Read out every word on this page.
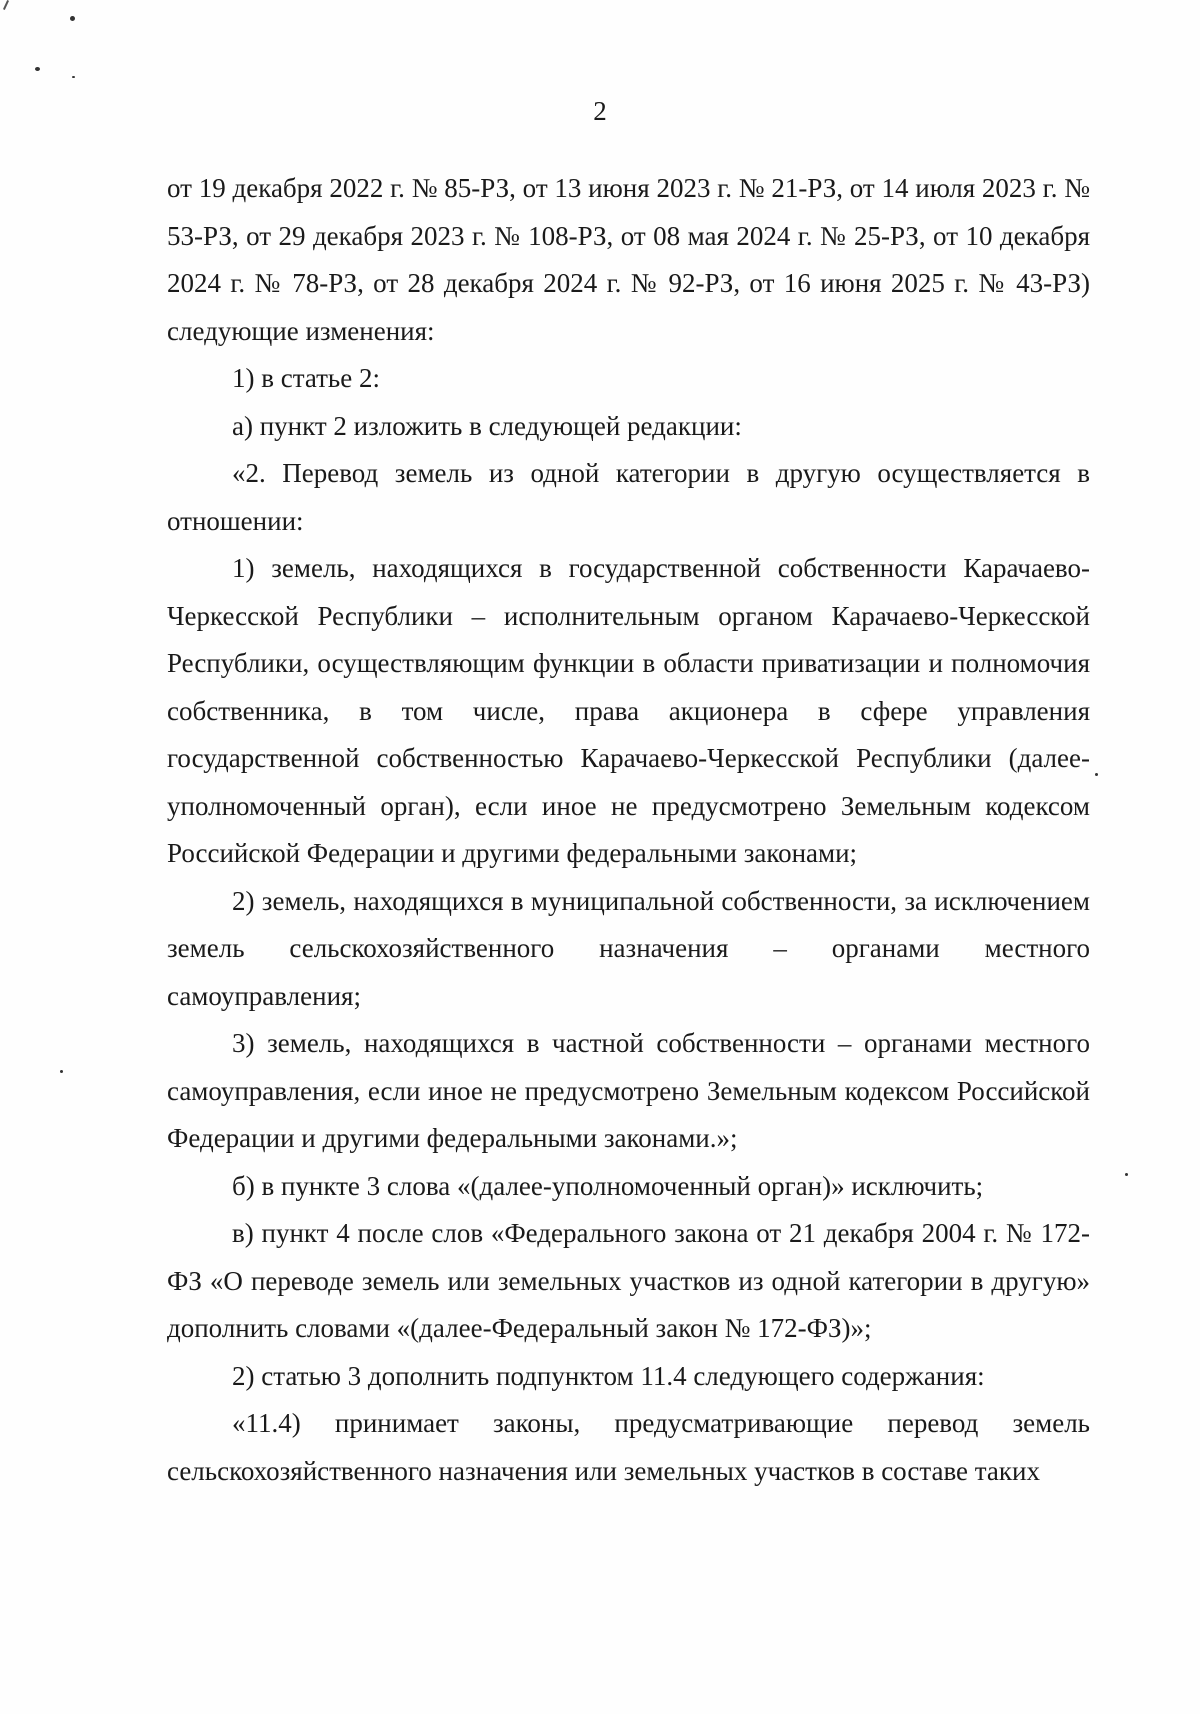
2

от 19 декабря 2022 г. № 85-РЗ, от 13 июня 2023 г. № 21-РЗ, от 14 июля 2023 г. № 53-РЗ, от 29 декабря 2023 г. № 108-РЗ, от 08 мая 2024 г. № 25-РЗ, от 10 декабря 2024 г. № 78-РЗ, от 28 декабря 2024 г. № 92-РЗ, от 16 июня 2025 г. № 43-РЗ) следующие изменения:

1) в статье 2:

а) пункт 2 изложить в следующей редакции:

«2. Перевод земель из одной категории в другую осуществляется в отношении:

1) земель, находящихся в государственной собственности Карачаево-Черкесской Республики – исполнительным органом Карачаево-Черкесской Республики, осуществляющим функции в области приватизации и полномочия собственника, в том числе, права акционера в сфере управления государственной собственностью Карачаево-Черкесской Республики (далее-уполномоченный орган), если иное не предусмотрено Земельным кодексом Российской Федерации и другими федеральными законами;

2) земель, находящихся в муниципальной собственности, за исключением земель сельскохозяйственного назначения – органами местного самоуправления;

3) земель, находящихся в частной собственности – органами местного самоуправления, если иное не предусмотрено Земельным кодексом Российской Федерации и другими федеральными законами.»;

б) в пункте 3 слова «(далее-уполномоченный орган)» исключить;

в) пункт 4 после слов «Федерального закона от 21 декабря 2004 г. № 172-ФЗ «О переводе земель или земельных участков из одной категории в другую» дополнить словами «(далее-Федеральный закон № 172-ФЗ)»;

2) статью 3 дополнить подпунктом 11.4 следующего содержания:

«11.4) принимает законы, предусматривающие перевод земель сельскохозяйственного назначения или земельных участков в составе таких
